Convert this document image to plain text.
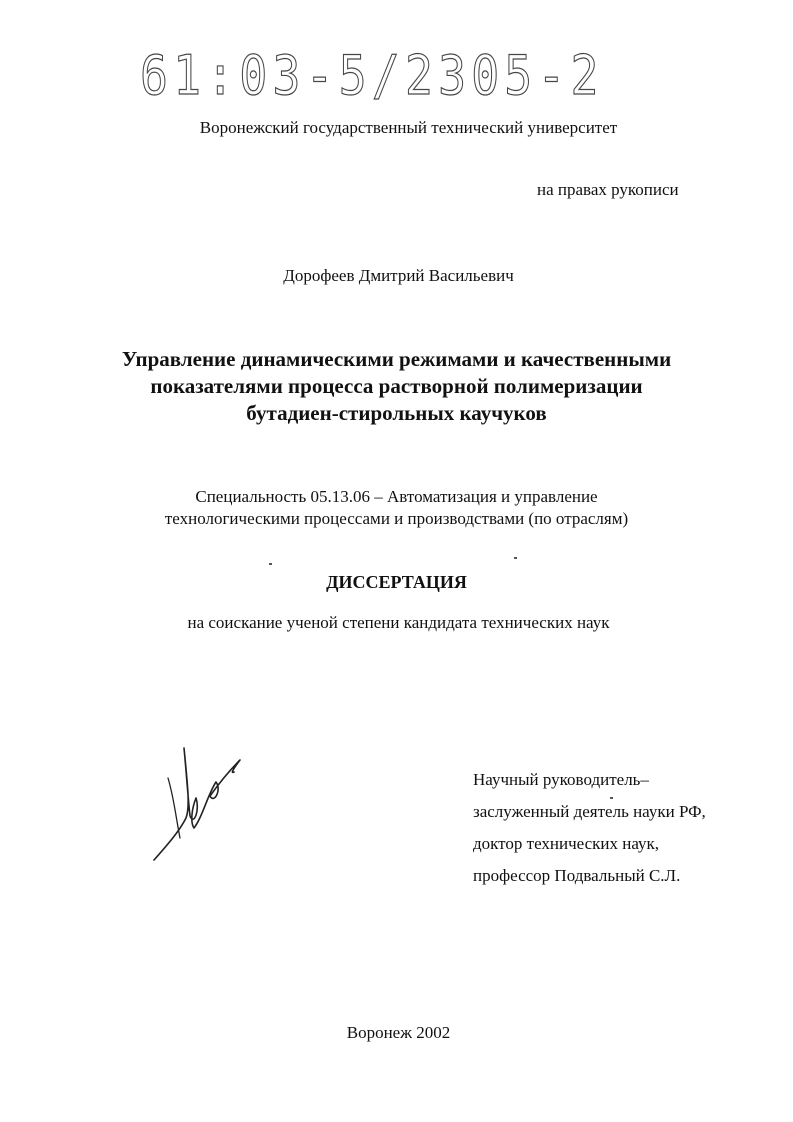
61:03-5/2305-2
Воронежский государственный технический университет
на правах рукописи
Дорофеев Дмитрий Васильевич
Управление динамическими режимами и качественными
показателями процесса растворной полимеризации
бутадиен-стирольных каучуков
Специальность 05.13.06 – Автоматизация и управление
технологическими процессами и производствами (по отраслям)
ДИССЕРТАЦИЯ
на соискание ученой степени кандидата технических наук
Научный руководитель–
заслуженный деятель науки РФ,
доктор технических наук,
профессор Подвальный С.Л.
Воронеж 2002
